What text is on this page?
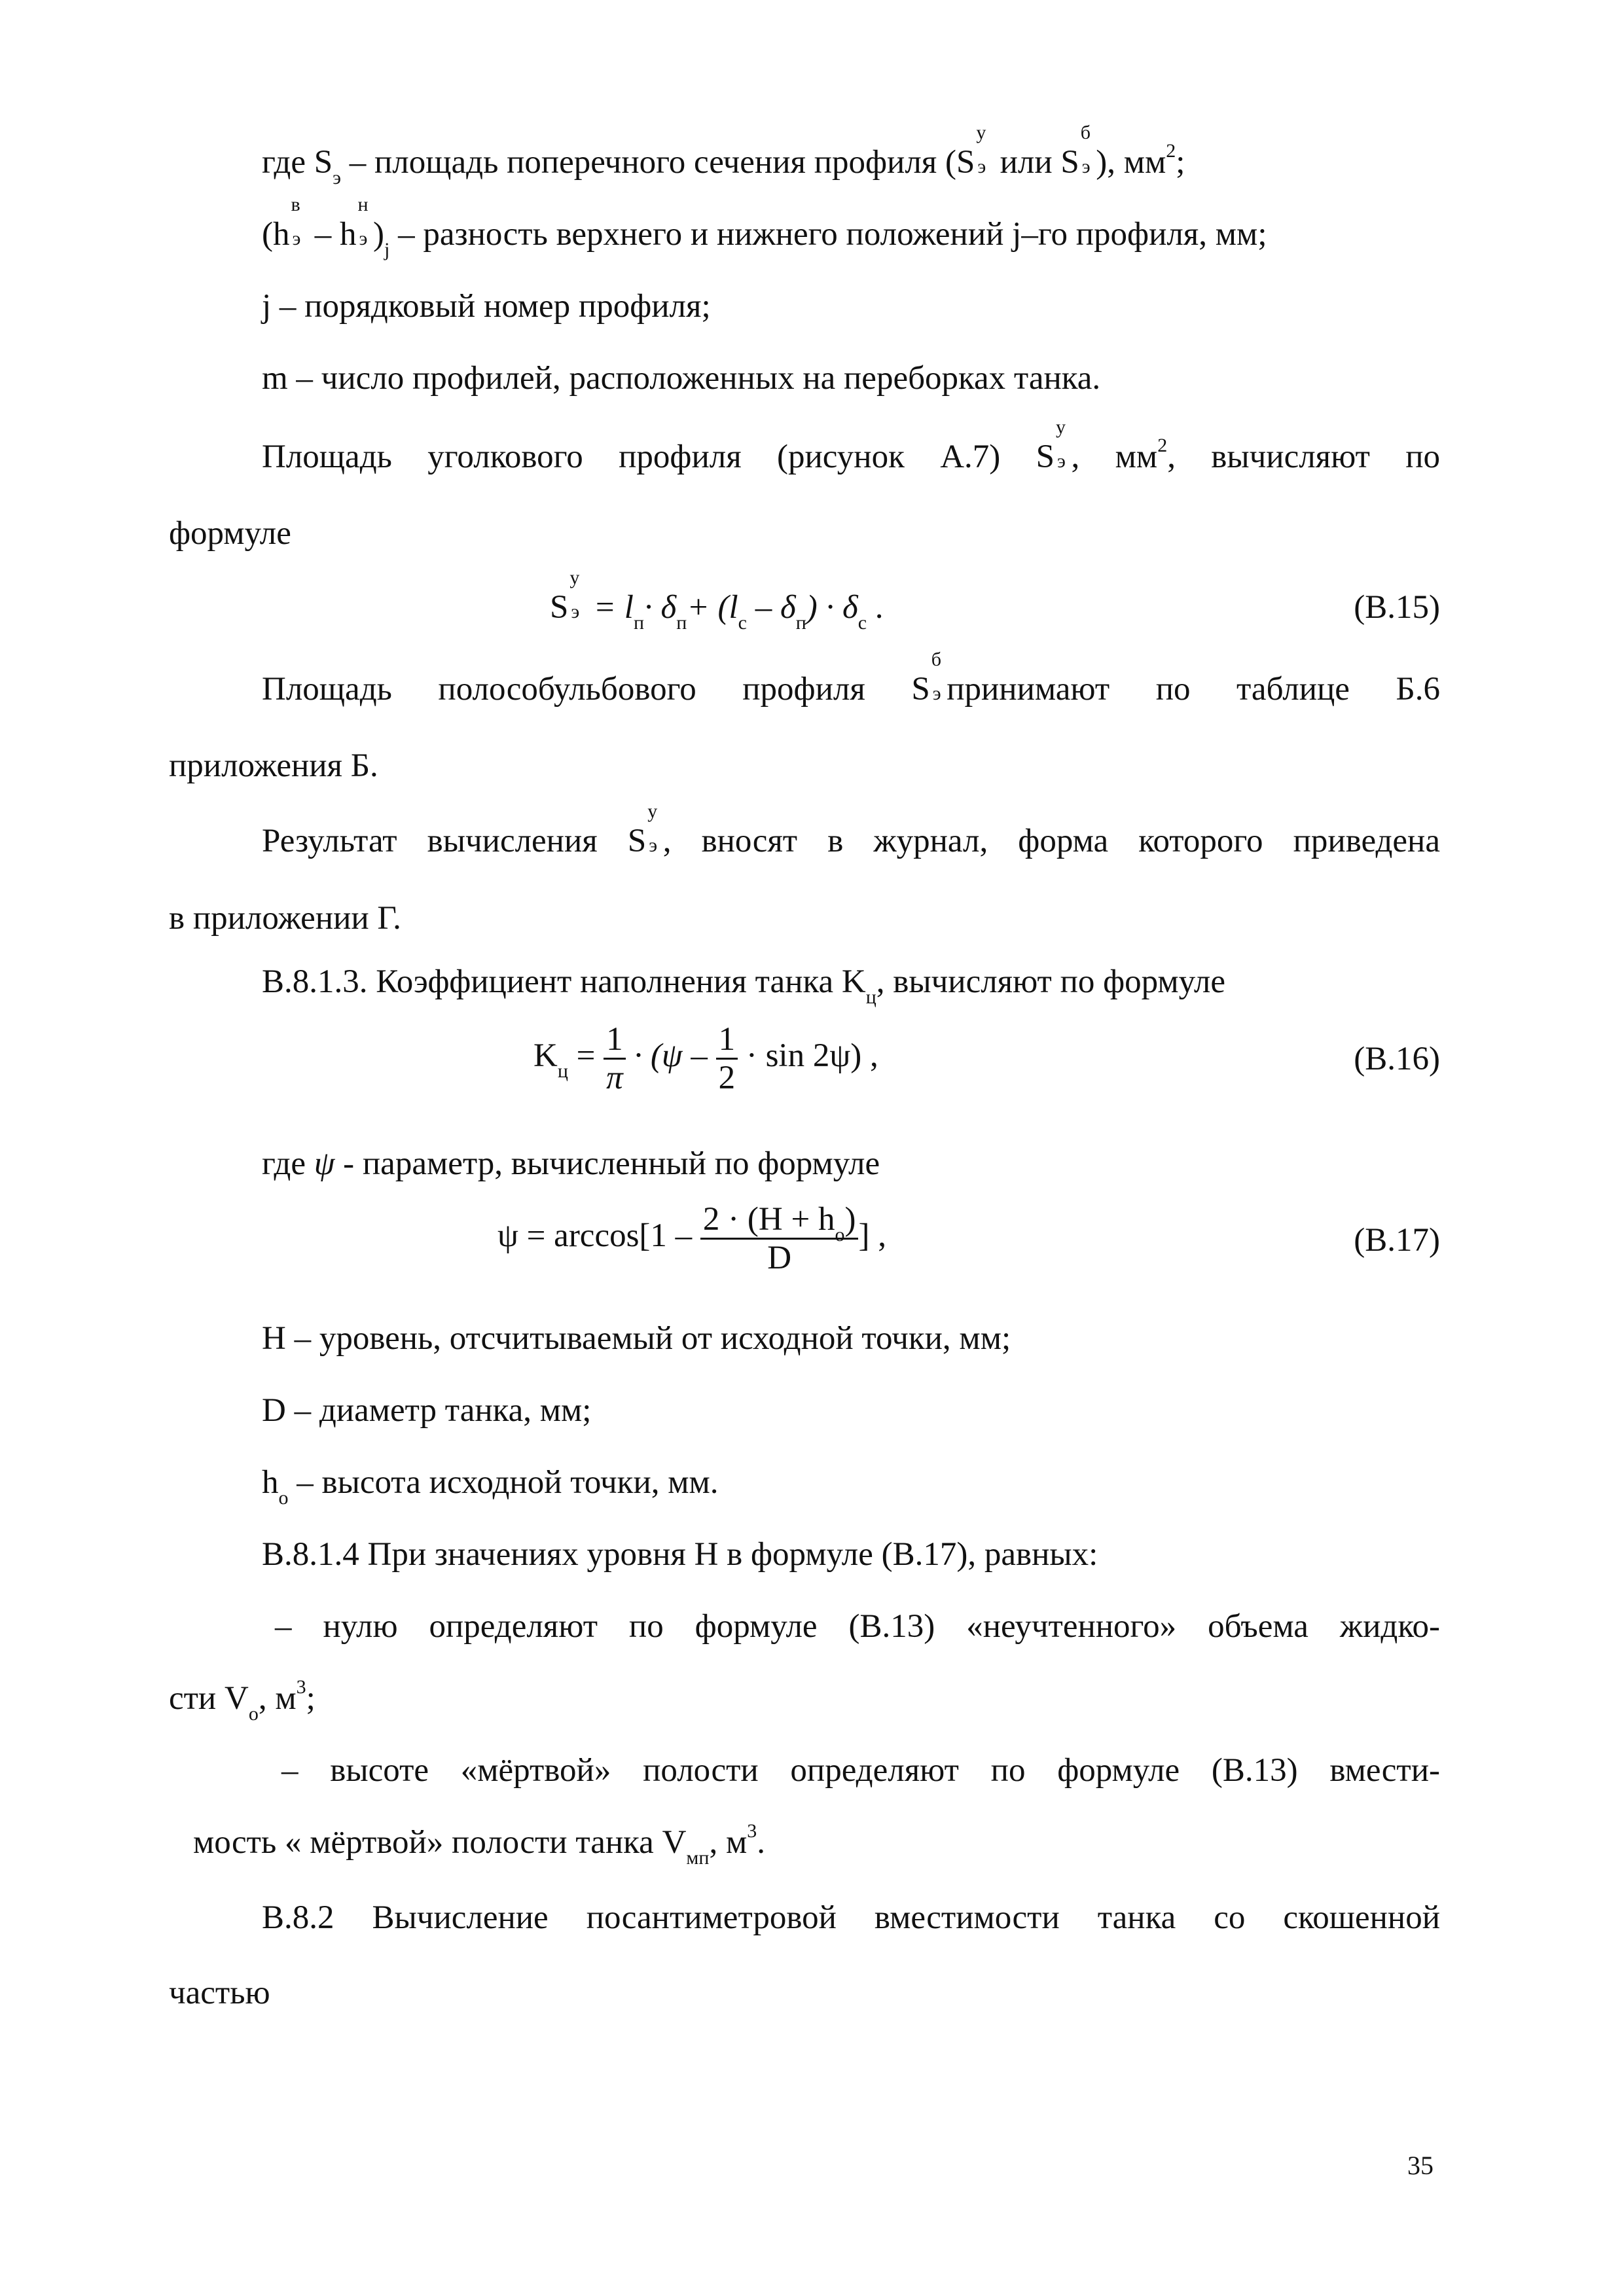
где $S_э$ – площадь поперечного сечения профиля (S
у
э или S
б
э ), $мм^2$;
(h
в
э – h
н
э )$_j$ – разность верхнего и нижнего положений j–го профиля, мм;
j – порядковый номер профиля;
m – число профилей, расположенных на переборках танка.
Площадь уголкового профиля (рисунок А.7) S
у
э , $мм^2$, вычисляют по
формуле
S
у
$э = l_п\cdot \delta_п+ (l_с - \delta_п) \cdot \delta_с$ .	(В.15)
Площадь полособульбового профиля S
б
э принимают по таблице Б.6
приложения Б.
Результат вычисления S
у
э , вносят в журнал, форма которого приведена
в приложении Г.
В.8.1.3. Коэффициент наполнения танка $K_ц$, вычисляют по формуле
$K_ц = \frac{1}{\pi} \cdot (\psi - \frac{1}{2} \cdot \sin 2\psi)$ ,	(В.16)
где ψ - параметр, вычисленный по формуле
$\psi = \arccos[1 - \frac{2 \cdot (H + h_o)}{D}$ ] ,	(В.17)
H – уровень, отсчитываемый от исходной точки, мм;
D – диаметр танка, мм;
$h_o$ – высота исходной точки, мм.
В.8.1.4 При значениях уровня H в формуле (В.17), равных:
– нулю определяют по формуле (В.13) «неучтенного» объема жидко-
сти $V_o$, $м^3$;
– высоте «мёртвой» полости определяют по формуле (В.13) вмести-
мость « мёртвой» полости танка $V_{мп}$, $м^3$.
В.8.2 Вычисление посантиметровой вместимости танка со скошенной
частью
35
